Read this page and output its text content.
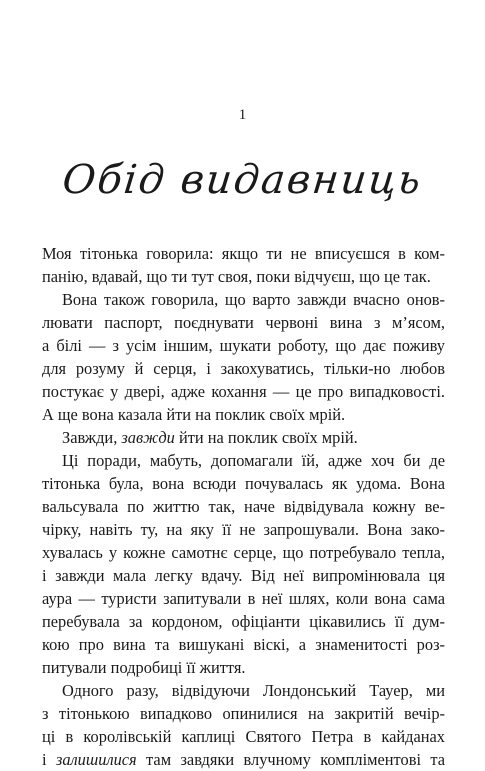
1
Обід видавниць
Моя тітонька говорила: якщо ти не вписуєшся в ком-
панію, вдавай, що ти тут своя, поки відчуєш, що це так.
Вона також говорила, що варто завжди вчасно онов-
лювати паспорт, поєднувати червоні вина з м’ясом,
а білі — з усім іншим, шукати роботу, що дає поживу
для розуму й серця, і закохуватись, тільки-но любов
постукає у двері, адже кохання — це про випадковості.
А ще вона казала йти на поклик своїх мрій.
Завжди, завжди йти на поклик своїх мрій.
Ці поради, мабуть, допомагали їй, адже хоч би де
тітонька була, вона всюди почувалась як удома. Вона
вальсувала по життю так, наче відвідувала кожну ве-
чірку, навіть ту, на яку її не запрошували. Вона зако-
хувалась у кожне самотнє серце, що потребувало тепла,
і завжди мала легку вдачу. Від неї випромінювала ця
аура — туристи запитували в неї шлях, коли вона сама
перебувала за кордоном, офіціанти цікавились її дум-
кою про вина та вишукані віскі, а знаменитості роз-
питували подробиці її життя.
Одного разу, відвідуючи Лондонський Тауер, ми
з тітонькою випадково опинилися на закритій вечір-
ці в королівській каплиці Святого Петра в кайданах
і залишилися там завдяки влучному компліментові та
